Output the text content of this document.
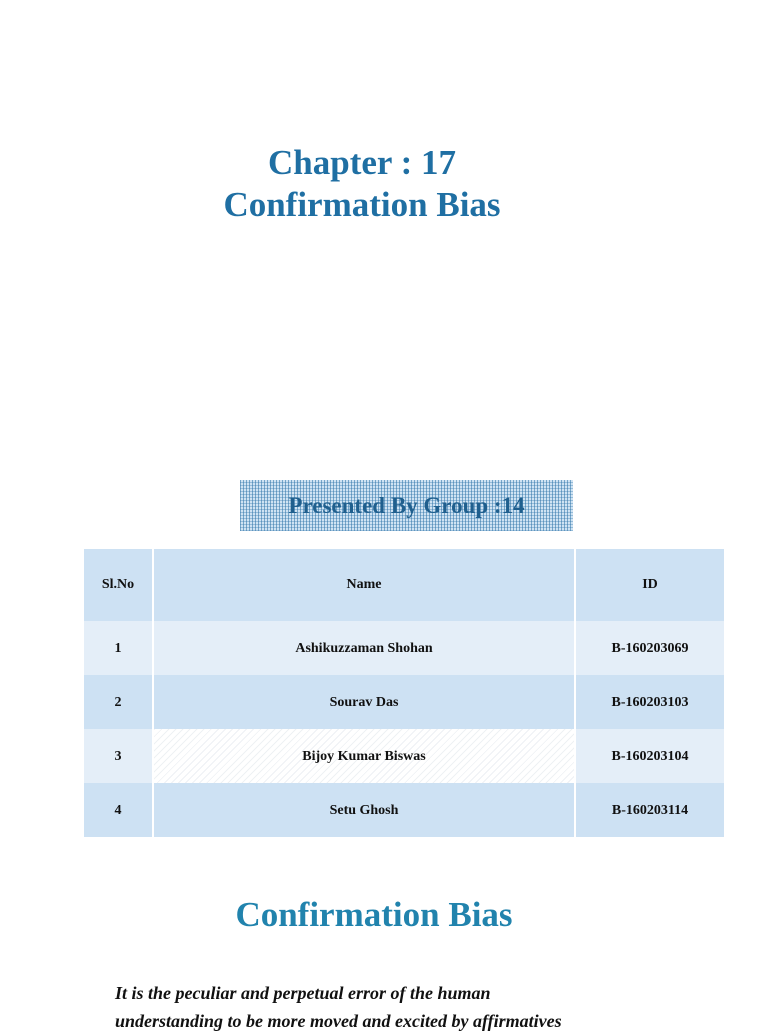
Chapter : 17
Confirmation Bias
Presented By Group :14
Sl.No	Name	ID
1	Ashikuzzaman Shohan	B-160203069
2	Sourav Das	B-160203103
3	Bijoy Kumar Biswas	B-160203104
4	Setu Ghosh	B-160203114
Confirmation Bias
It is the peculiar and perpetual error of the human
understanding to be more moved and excited by affirmatives
